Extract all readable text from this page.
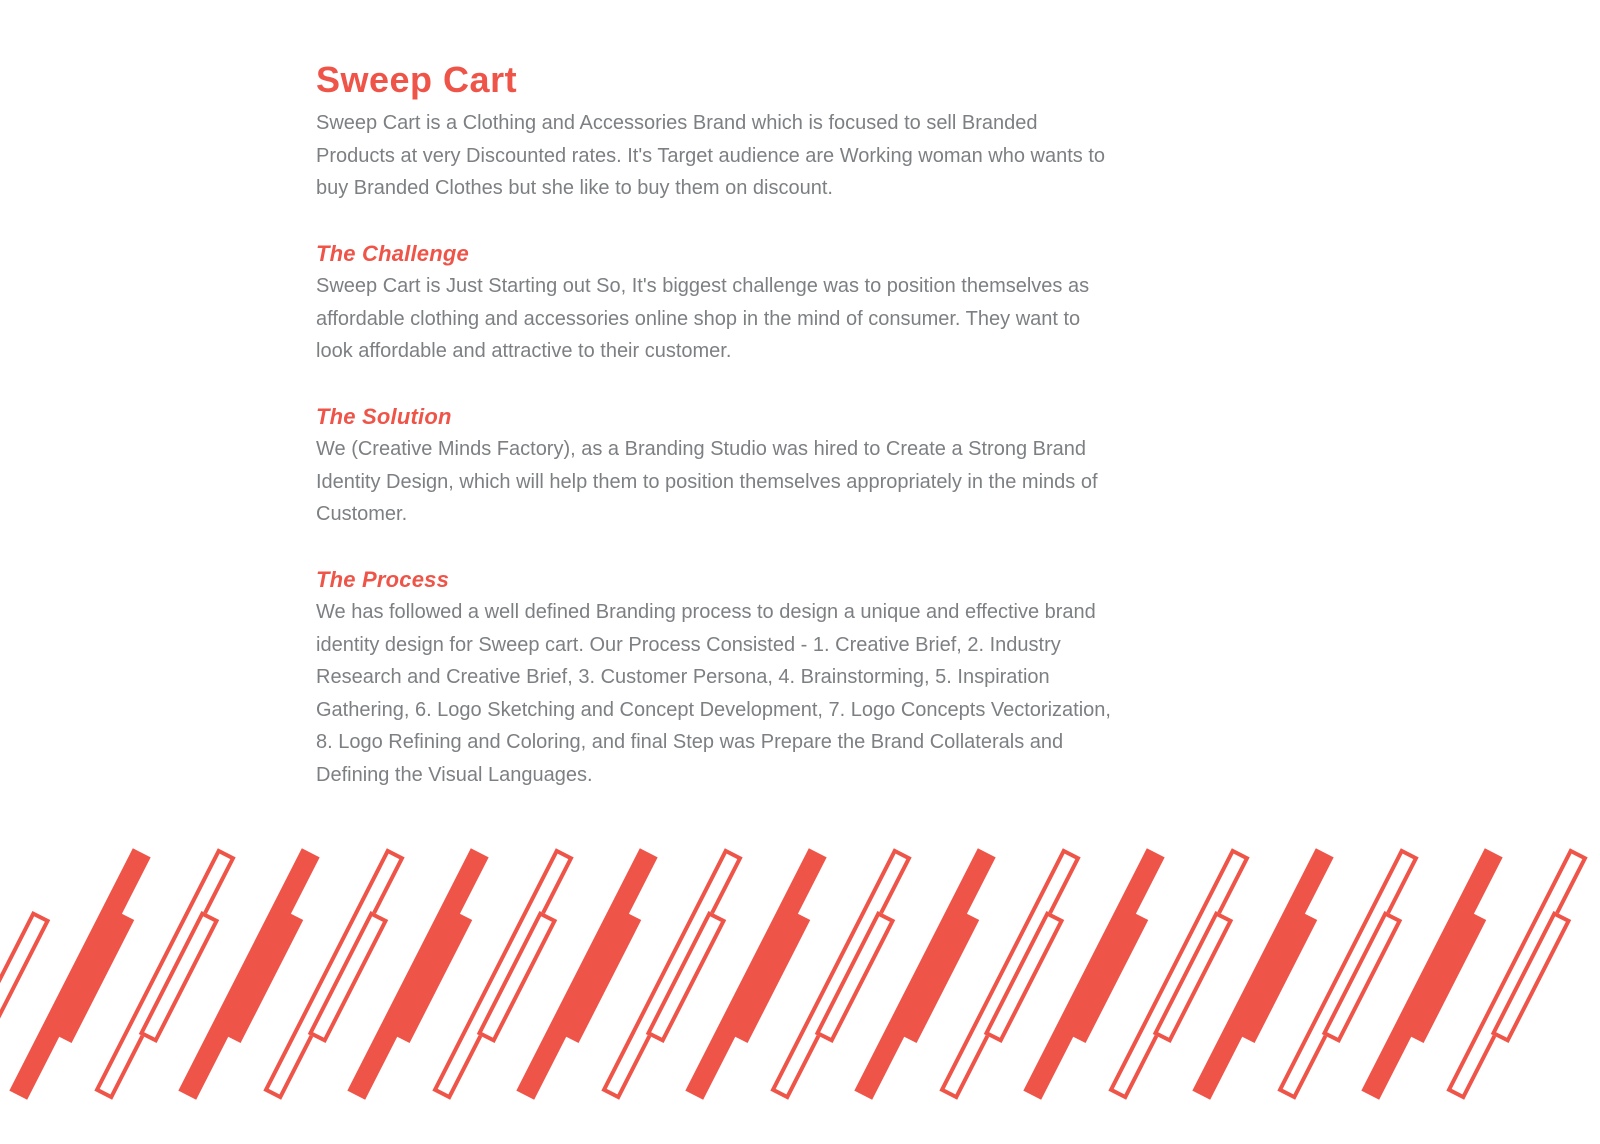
Sweep Cart

Sweep Cart is a Clothing and Accessories Brand which is focused to sell Branded
Products at very Discounted rates. It's Target audience are Working woman who wants to
buy Branded Clothes but she like to buy them on discount.

The Challenge

Sweep Cart is Just Starting out So, It's biggest challenge was to position themselves as
affordable clothing and accessories online shop in the mind of consumer. They want to
look affordable and attractive to their customer.

The Solution

We (Creative Minds Factory), as a Branding Studio was hired to Create a Strong Brand
Identity Design, which will help them to position themselves appropriately in the minds of
Customer.

The Process

We has followed a well defined Branding process to design a unique and effective brand
identity design for Sweep cart. Our Process Consisted - 1. Creative Brief, 2. Industry
Research and Creative Brief, 3. Customer Persona, 4. Brainstorming, 5. Inspiration
Gathering, 6. Logo Sketching and Concept Development, 7. Logo Concepts Vectorization,
8. Logo Refining and Coloring, and final Step was Prepare the Brand Collaterals and
Defining the Visual Languages.
